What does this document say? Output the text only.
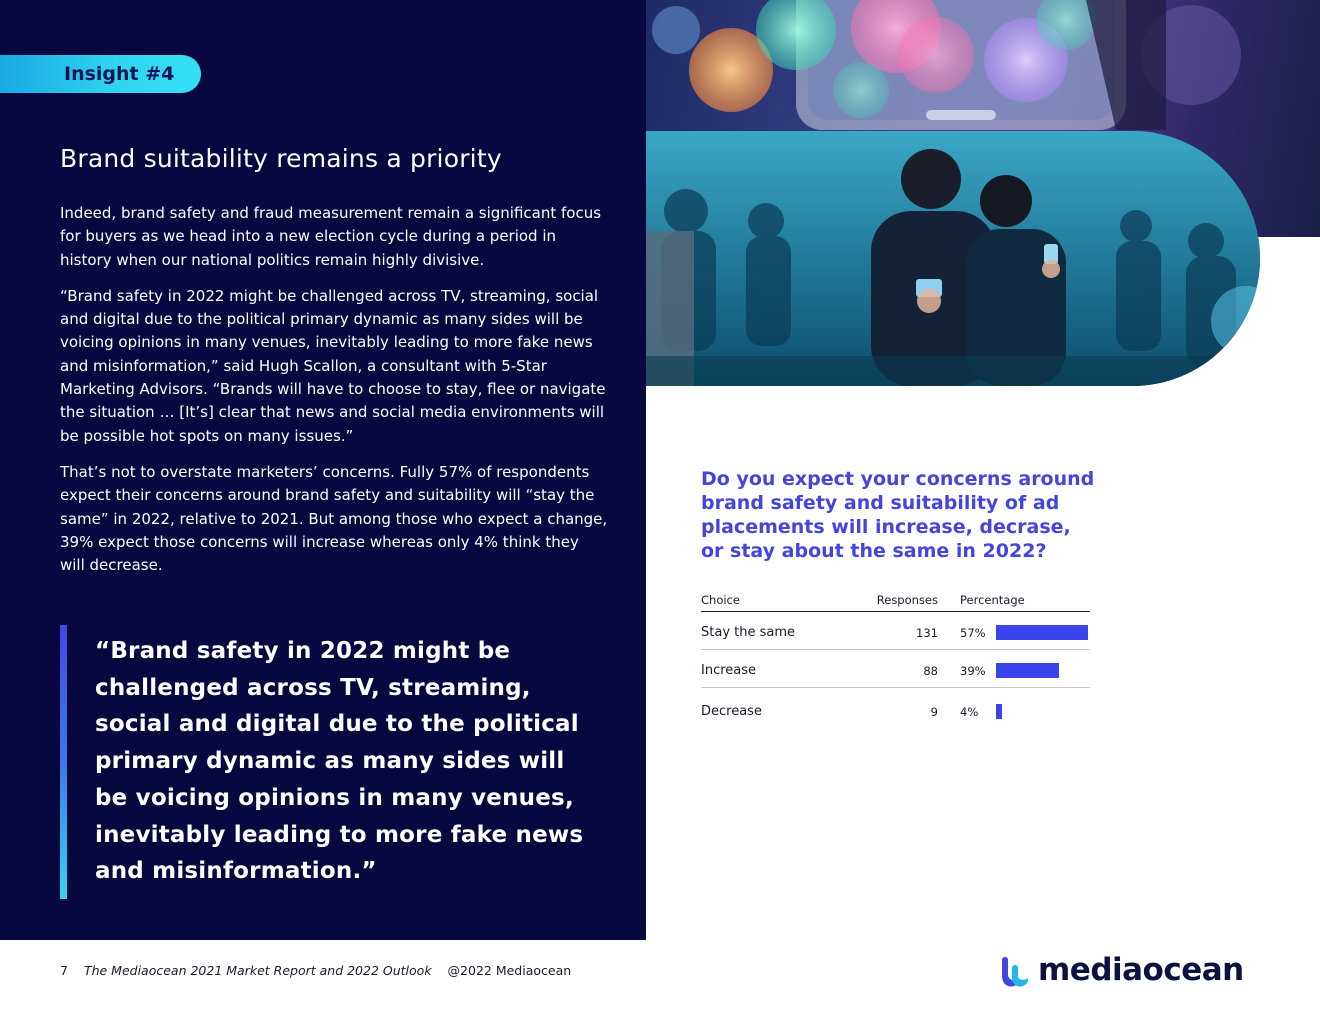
Insight #4
Brand suitability remains a priority

Indeed, brand safety and fraud measurement remain a significant focus for buyers as we head into a new election cycle during a period in history when our national politics remain highly divisive.

“Brand safety in 2022 might be challenged across TV, streaming, social and digital due to the political primary dynamic as many sides will be voicing opinions in many venues, inevitably leading to more fake news and misinformation,” said Hugh Scallon, a consultant with 5-Star Marketing Advisors. “Brands will have to choose to stay, flee or navigate the situation … [It’s] clear that news and social media environments will be possible hot spots on many issues.”

That’s not to overstate marketers’ concerns. Fully 57% of respondents expect their concerns around brand safety and suitability will “stay the same” in 2022, relative to 2021. But among those who expect a change, 39% expect those concerns will increase whereas only 4% think they will decrease.

“Brand safety in 2022 might be challenged across TV, streaming, social and digital due to the political primary dynamic as many sides will be voicing opinions in many venues, inevitably leading to more fake news and misinformation.”
Do you expect your concerns around brand safety and suitability of ad placements will increase, decrase, or stay about the same in 2022?
Choice	Responses Percentage
Stay the same	131 57%
Increase	88 39%
Decrease	9 4%
7 The Mediaocean 2021 Market Report and 2022 Outlook @2022 Mediaocean	mediaocean
